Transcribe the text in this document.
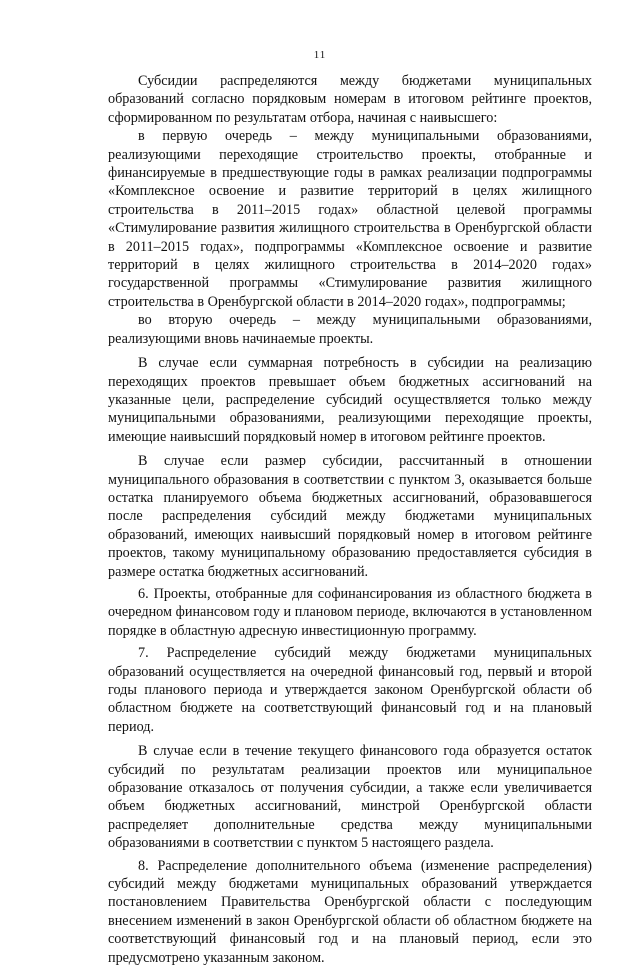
11

Субсидии распределяются между бюджетами муниципальных образований согласно порядковым номерам в итоговом рейтинге проектов, сформированном по результатам отбора, начиная с наивысшего:

в первую очередь – между муниципальными образованиями, реализующими переходящие строительство проекты, отобранные и финансируемые в предшествующие годы в рамках реализации подпрограммы «Комплексное освоение и развитие территорий в целях жилищного строительства в 2011–2015 годах» областной целевой программы «Стимулирование развития жилищного строительства в Оренбургской области в 2011–2015 годах», подпрограммы «Комплексное освоение и развитие территорий в целях жилищного строительства в 2014–2020 годах» государственной программы «Стимулирование развития жилищного строительства в Оренбургской области в 2014–2020 годах», подпрограммы;

во вторую очередь – между муниципальными образованиями, реализующими вновь начинаемые проекты.

В случае если суммарная потребность в субсидии на реализацию переходящих проектов превышает объем бюджетных ассигнований на указанные цели, распределение субсидий осуществляется только между муниципальными образованиями, реализующими переходящие проекты, имеющие наивысший порядковый номер в итоговом рейтинге проектов.

В случае если размер субсидии, рассчитанный в отношении муниципального образования в соответствии с пунктом 3, оказывается больше остатка планируемого объема бюджетных ассигнований, образовавшегося после распределения субсидий между бюджетами муниципальных образований, имеющих наивысший порядковый номер в итоговом рейтинге проектов, такому муниципальному образованию предоставляется субсидия в размере остатка бюджетных ассигнований.

6. Проекты, отобранные для софинансирования из областного бюджета в очередном финансовом году и плановом периоде, включаются в установленном порядке в областную адресную инвестиционную программу.

7. Распределение субсидий между бюджетами муниципальных образований осуществляется на очередной финансовый год, первый и второй годы планового периода и утверждается законом Оренбургской области об областном бюджете на соответствующий финансовый год и на плановый период.

В случае если в течение текущего финансового года образуется остаток субсидий по результатам реализации проектов или муниципальное образование отказалось от получения субсидии, а также если увеличивается объем бюджетных ассигнований, минстрой Оренбургской области распределяет дополнительные средства между муниципальными образованиями в соответствии с пунктом 5 настоящего раздела.

8. Распределение дополнительного объема (изменение распределения) субсидий между бюджетами муниципальных образований утверждается постановлением Правительства Оренбургской области с последующим внесением изменений в закон Оренбургской области об областном бюджете на соответствующий финансовый год и на плановый период, если это предусмотрено указанным законом.
